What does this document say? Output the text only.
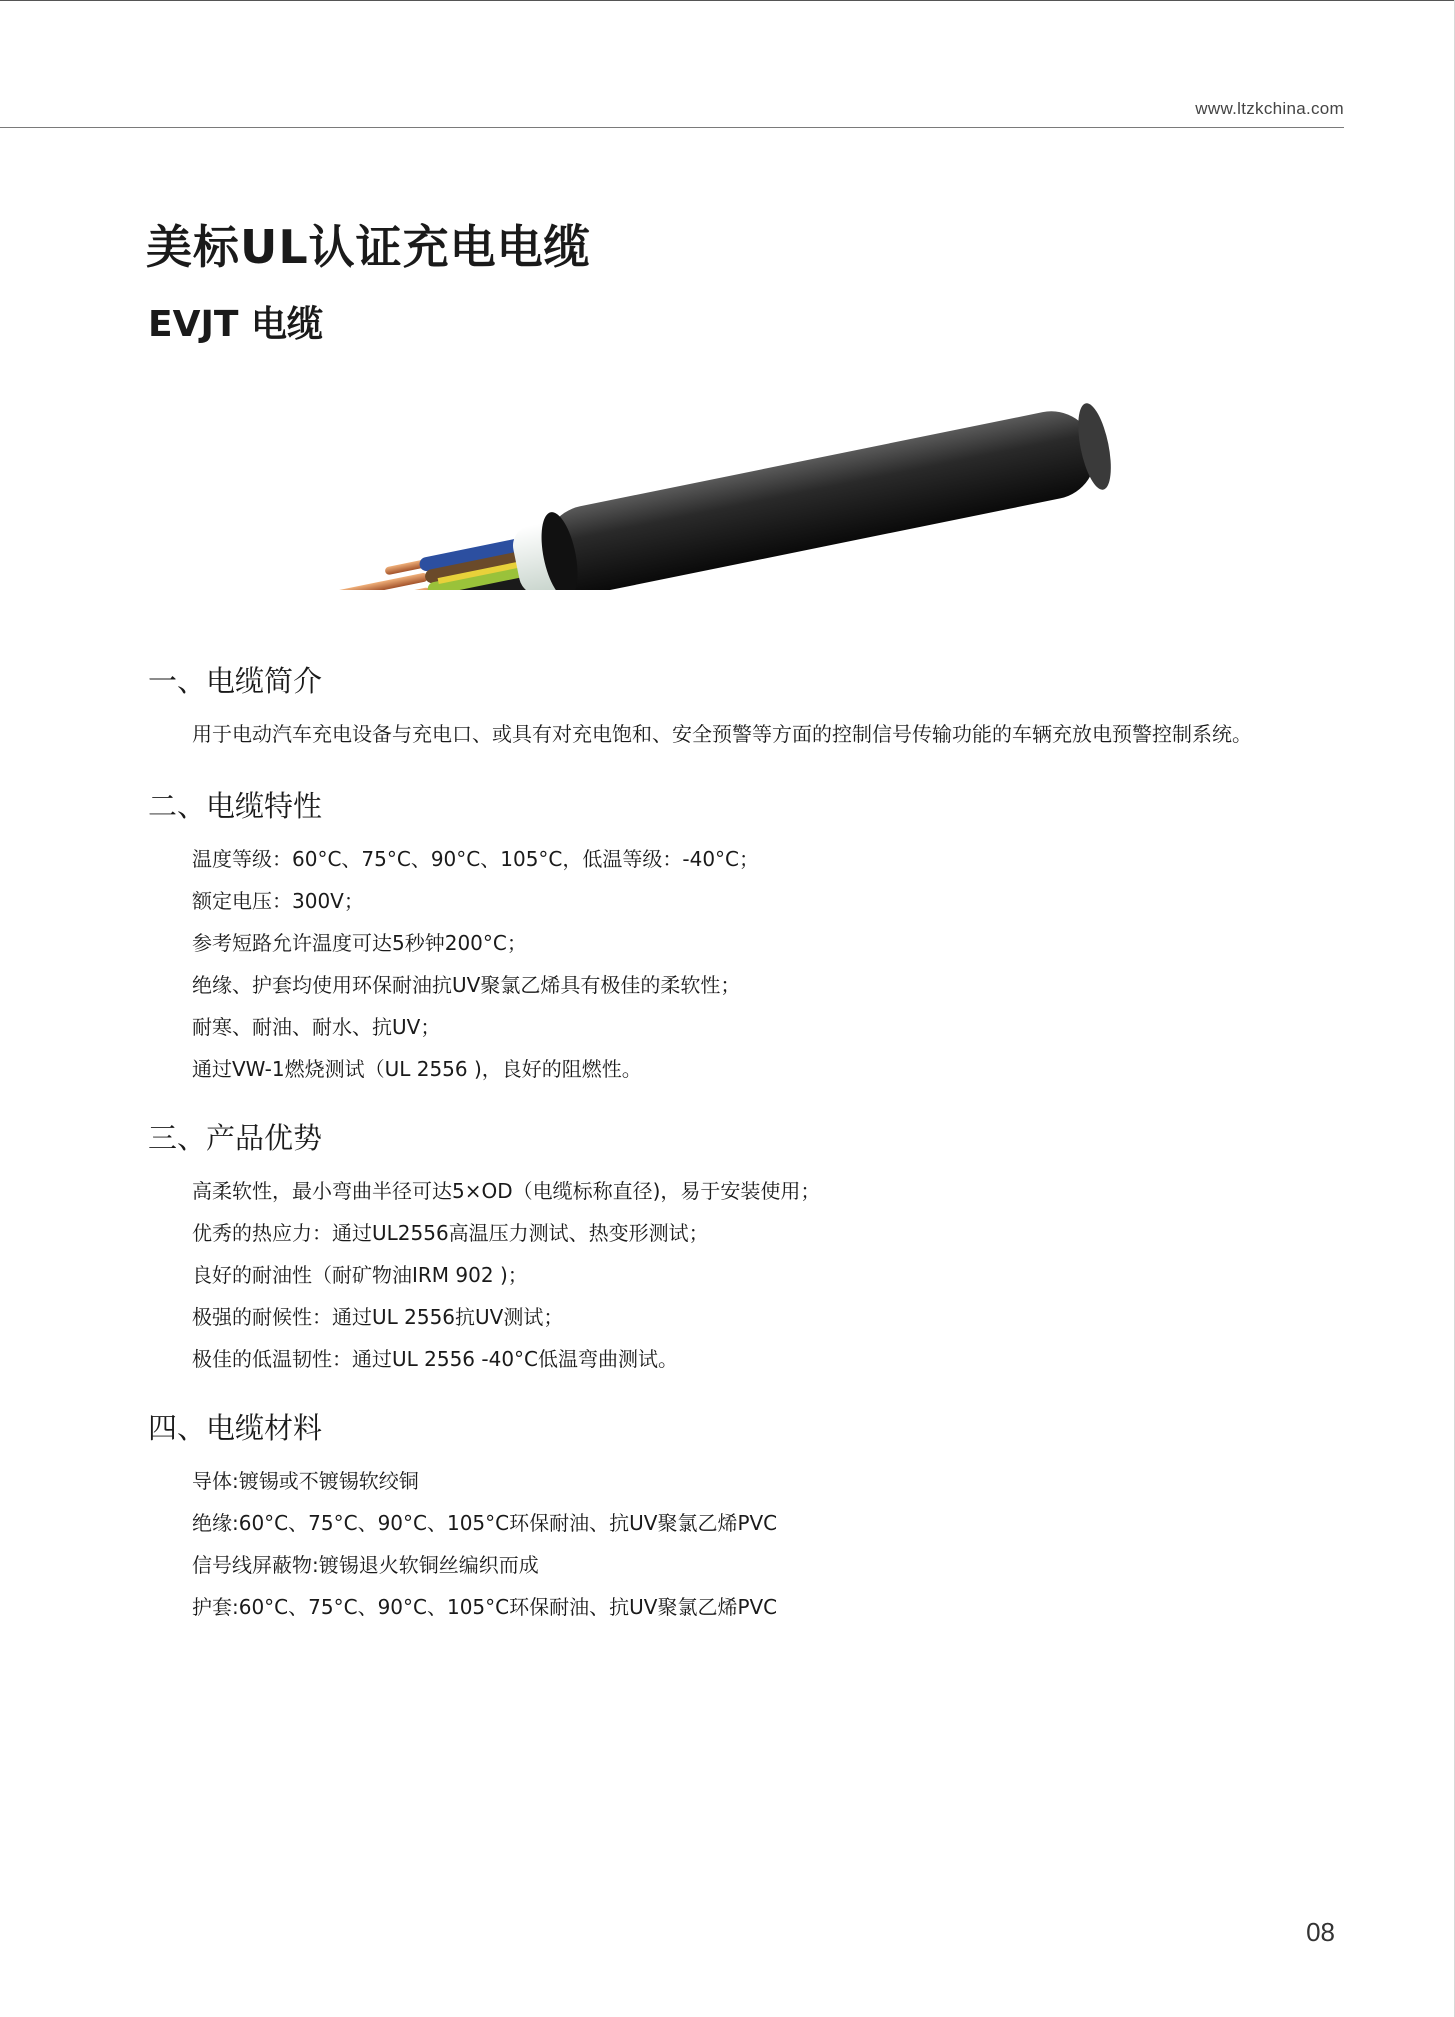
www.ltzkchina.com
美标UL认证充电电缆
EVJT 电缆
一、电缆简介
用于电动汽车充电设备与充电口、或具有对充电饱和、安全预警等方面的控制信号传输功能的车辆充放电预警控制系统。
二、电缆特性
温度等级：60°C、75°C、90°C、105°C，低温等级：-40°C；
额定电压：300V；
参考短路允许温度可达5秒钟200°C；
绝缘、护套均使用环保耐油抗UV聚氯乙烯具有极佳的柔软性；
耐寒、耐油、耐水、抗UV；
通过VW-1燃烧测试（UL 2556 )，良好的阻燃性。
三、产品优势
高柔软性，最小弯曲半径可达5×OD（电缆标称直径)，易于安装使用；
优秀的热应力：通过UL2556高温压力测试、热变形测试；
良好的耐油性（耐矿物油IRM 902 )；
极强的耐候性：通过UL 2556抗UV测试；
极佳的低温韧性：通过UL 2556 -40°C低温弯曲测试。
四、电缆材料
导体:镀锡或不镀锡软绞铜
绝缘:60°C、75°C、90°C、105°C环保耐油、抗UV聚氯乙烯PVC
信号线屏蔽物:镀锡退火软铜丝编织而成
护套:60°C、75°C、90°C、105°C环保耐油、抗UV聚氯乙烯PVC
08
